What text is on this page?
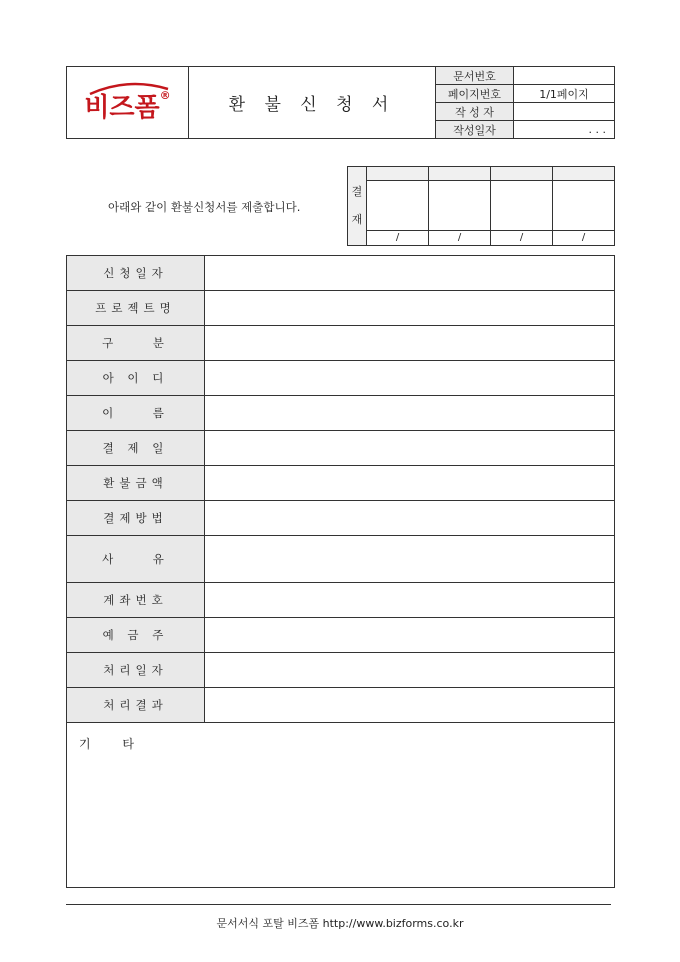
비즈폼®	환 불 신 청 서	문서번호	
		페이지번호	1/1페이지
		작 성 자	
		작성일자	. . .
아래와 같이 환불신청서를 제출합니다.
결

재				

	/	/	/	/
신청일자	
프로젝트명	
구    분	
아 이 디	
이    름	
결 제 일	
환불금액	
결제방법	
사    유	
계좌번호	
예 금 주	
처리일자	
처리결과	
기 타	
문서서식 포탈 비즈폼 http://www.bizforms.co.kr
